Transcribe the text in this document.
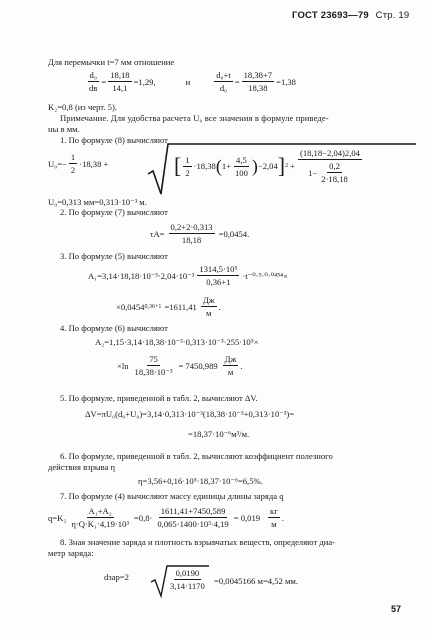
ГОСТ 23693—79 Стр. 19
Для перемычки t=7 мм отношение
$\frac{\text{d₀}}{dв} = \frac{18,18}{14,1} =1,29$,	и	$\frac{\text{d₀+t}}{\text{d₀}} = \frac{18,38+7}{18,38} =1,38$
K₂=0,8 (из черт. 5).
Примечание. Для удобства расчета U₀ все значения в формуле приведе-
ны в мм.
1. По формуле (8) вычисляют
$U_0=- \frac{1}{2} \cdot 18,38$ +	[ $\frac{1}{2} \cdot 18,38$ ( $1+ \frac{4,5}{100}$ ) −2,04 ] $2 + \frac{(18,18-2,04)2,04}{1- \frac{0,2}{2\cdot 18,18}}$
U₀=0,313 мм=0,313·10⁻³ м.
2. По формуле (7) вычисляют
$\tau A= \frac{0,2+2\cdot 0,313}{18,18} =0,0454$.
3. По формуле (5) вычисляют
$A_1=3,14\cdot 18,18\cdot 10^{-3}\cdot 2,04\cdot 10^{-3} \frac{\text{1314,5·10⁵}}{0,36+1} \cdot t^{-0}\cdot^9\cdot^0\cdot^{0454}\times$
×0,0454 $0,36+1 =1611,41 \frac{Дж}{м}$ .
4. По формуле (6) вычисляют
A₂=1,15·3,14·18,38·10⁻³·0,313·10⁻³·255·10⁵×
$\times\ln \frac{75}{\text{18,38·10⁻³}} = 7450,989 \frac{Дж}{м}$ .
5. По формуле, приведенной в табл. 2, вычисляют ΔV.
ΔV=πU₀(d₀+U₀)=3,14·0,313·10⁻³(18,38·10⁻³+0,313·10⁻³)=
=18,37·10⁻⁶м³/м.
6. По формуле, приведенной в табл. 2, вычисляют коэффициент полезного
действия взрыва η
η=3,56+0,16·10⁵·18,37·10⁻⁶=6,5%.
7. По формуле (4) вычисляют массу единицы длины заряда q
$q=K_2 \frac{\text{A₁+A₂}}{\text{η·Q·K₁·4,19·10³}} =0,8\cdot \frac{1611,41+7450,589}{\text{0,065·1400·10³·4,19}} = 0,019 \frac{кг}{м}$ .
8. Зная значение заряда и плотность взрывчатых веществ, определяют диа-
метр заряда:
dзар=2	$\frac{0,0190}{3,14\cdot 1170} =0,0045166$ м=4,52 мм.
57
